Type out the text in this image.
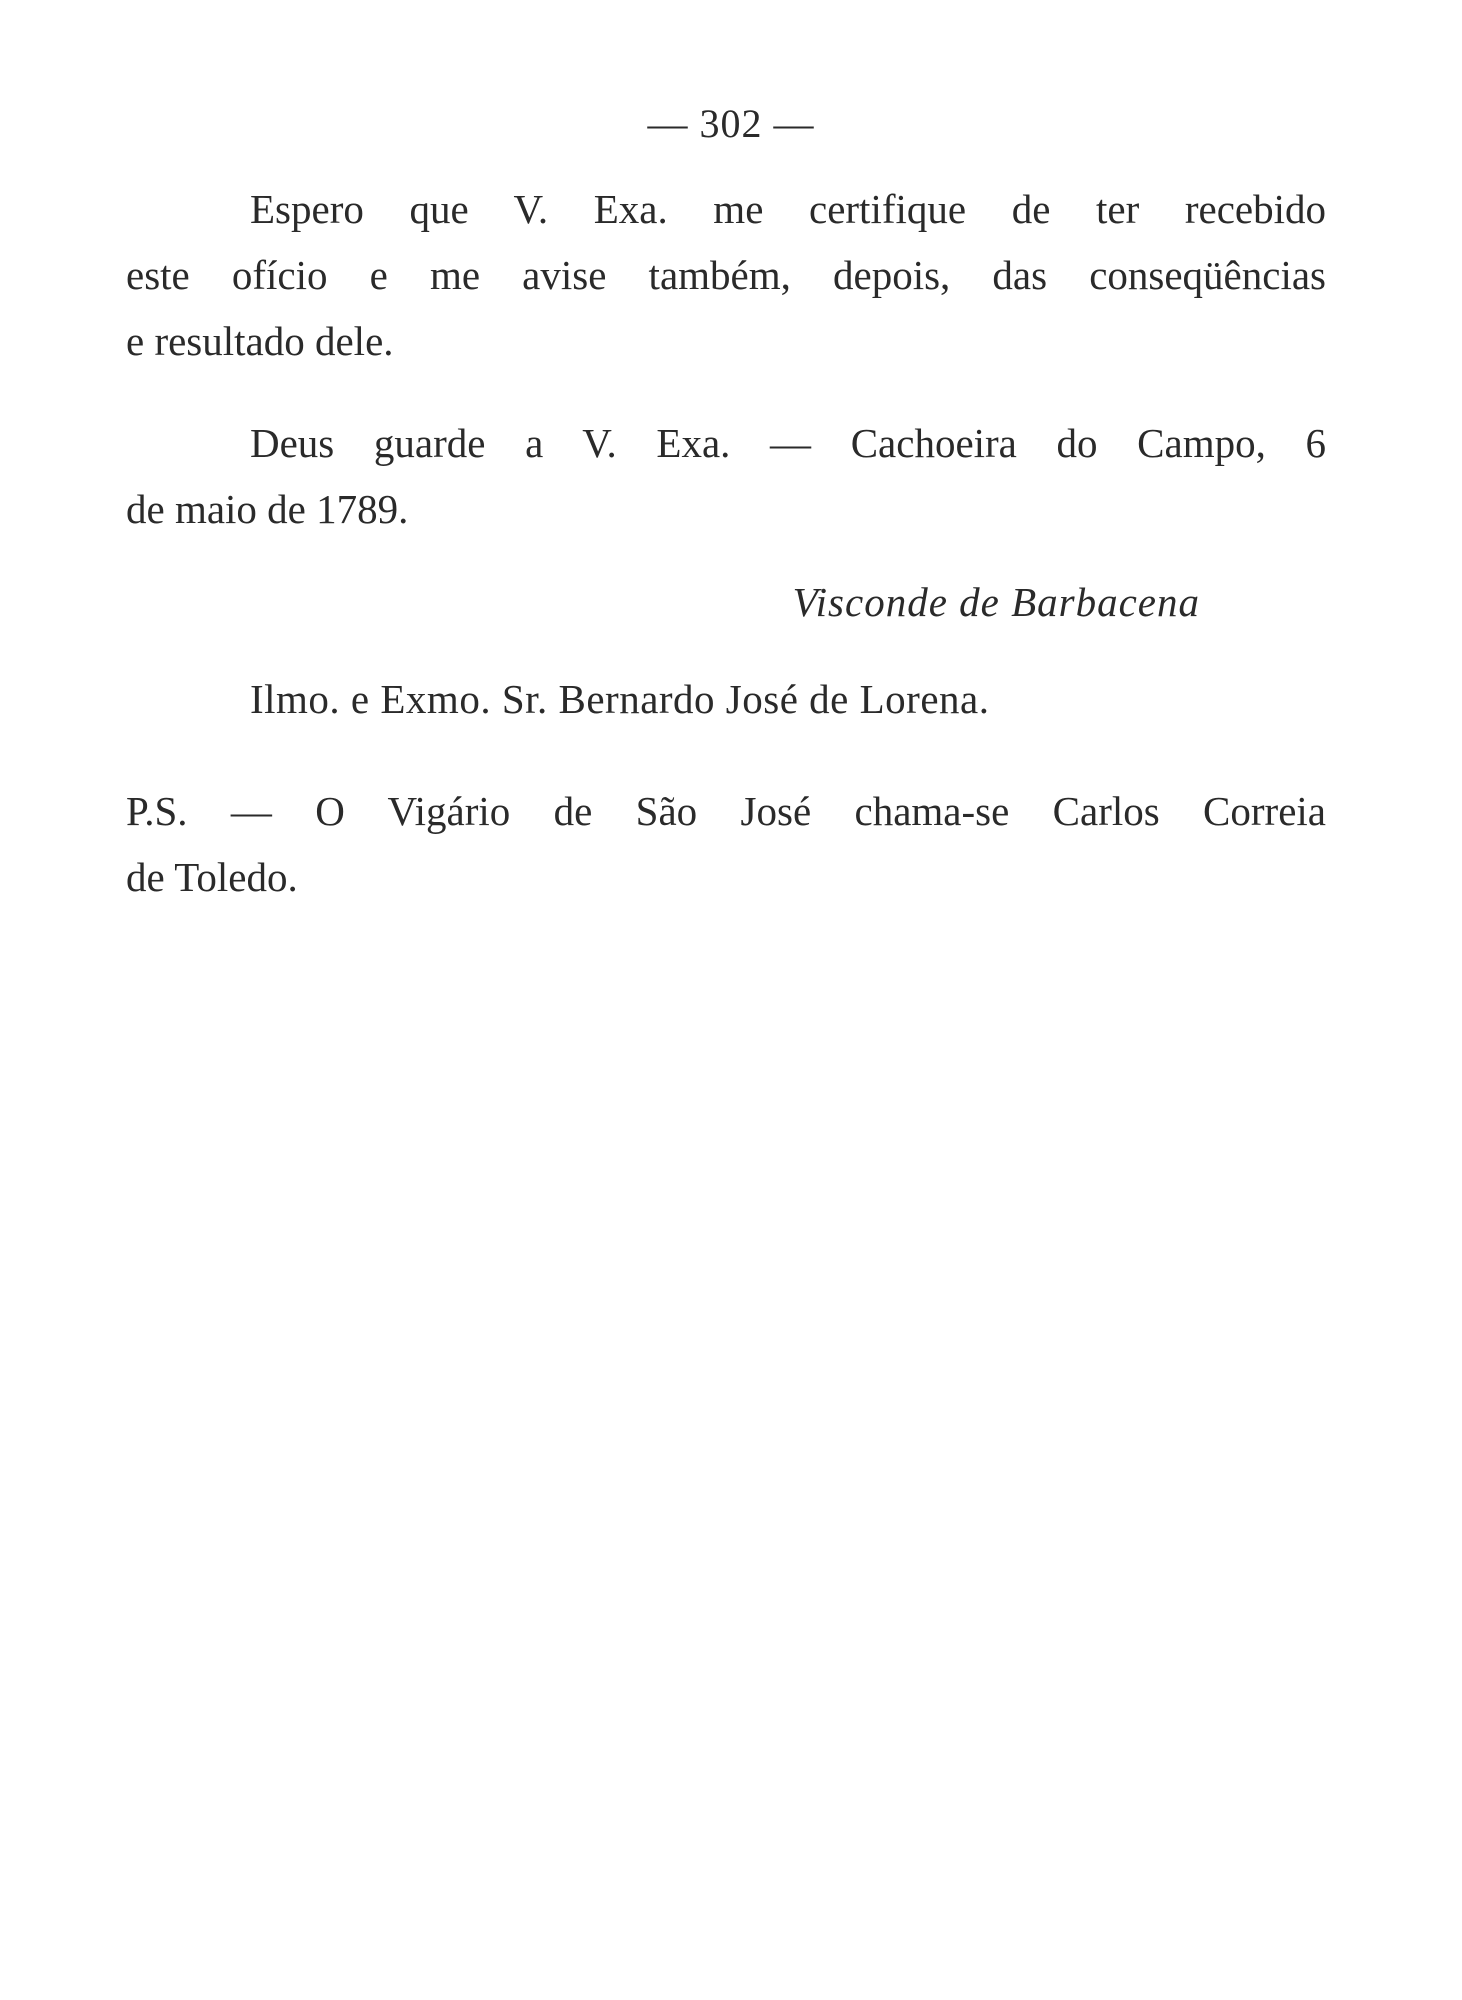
— 302 —
Espero que V. Exa. me certifique de ter recebido
este ofício e me avise também, depois, das conseqüências
e resultado dele.
Deus guarde a V. Exa. — Cachoeira do Campo, 6
de maio de 1789.
Visconde de Barbacena
Ilmo. e Exmo. Sr. Bernardo José de Lorena.
P.S. — O Vigário de São José chama-se Carlos Correia
de Toledo.
